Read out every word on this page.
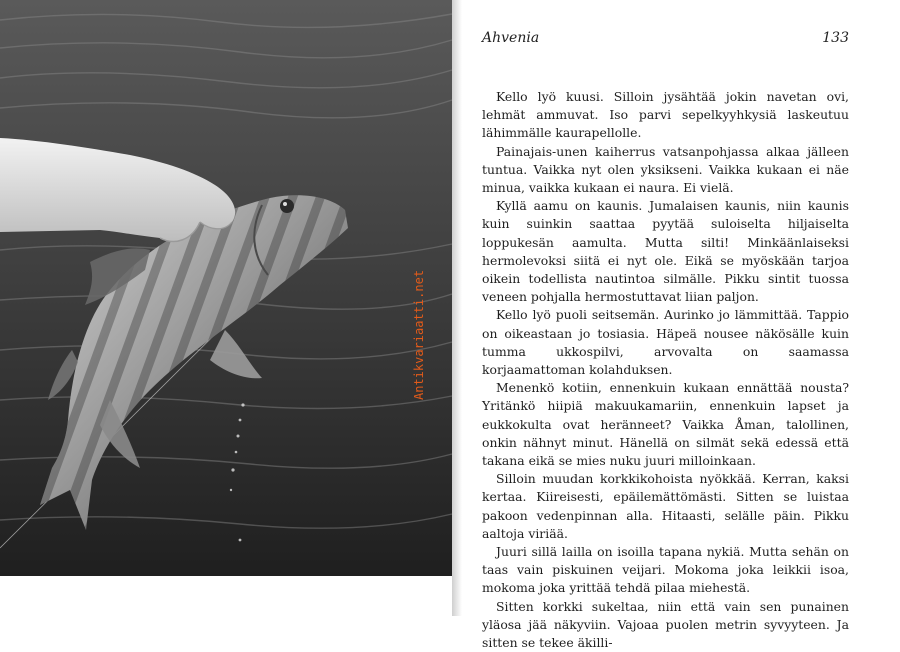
Ahvenia	133

Kello lyö kuusi. Silloin jysähtää jokin navetan ovi, lehmät ammuvat. Iso parvi sepelkyyhkysiä laskeutuu lähimmälle kaurapellolle.

Painajais-unen kaiherrus vatsanpohjassa alkaa jälleen tuntua. Vaikka nyt olen yksikseni. Vaikka kukaan ei näe minua, vaikka kukaan ei naura. Ei vielä.

Kyllä aamu on kaunis. Jumalaisen kaunis, niin kaunis kuin suinkin saattaa pyytää suloiselta hiljaiselta loppukesän aamulta. Mutta silti! Minkäänlaiseksi hermolevoksi siitä ei nyt ole. Eikä se myöskään tarjoa oikein todellista nautintoa silmälle. Pikku sintit tuossa veneen pohjalla hermostuttavat liian paljon.

Kello lyö puoli seitsemän. Aurinko jo lämmittää. Tappio on oikeastaan jo tosiasia. Häpeä nousee näkösälle kuin tumma ukkospilvi, arvovalta on saamassa korjaamattoman kolahduksen.

Menenkö kotiin, ennenkuin kukaan ennättää nousta? Yritänkö hiipiä makuukamariin, ennenkuin lapset ja eukkokulta ovat heränneet? Vaikka Åman, talollinen, onkin nähnyt minut. Hänellä on silmät sekä edessä että takana eikä se mies nuku juuri milloinkaan.

Silloin muudan korkkikohoista nyökkää. Kerran, kaksi kertaa. Kiireisesti, epäilemättömästi. Sitten se luistaa pakoon vedenpinnan alla. Hitaasti, selälle päin. Pikku aaltoja viriää.

Juuri sillä lailla on isoilla tapana nykiä. Mutta sehän on taas vain piskuinen veijari. Mokoma joka leikkii isoa, mokoma joka yrittää tehdä pilaa miehestä.

Sitten korkki sukeltaa, niin että vain sen punainen yläosa jää näkyviin. Vajoaa puolen metrin syvyyteen. Ja sitten se tekee äkilli-

Antikvariaatti.net
